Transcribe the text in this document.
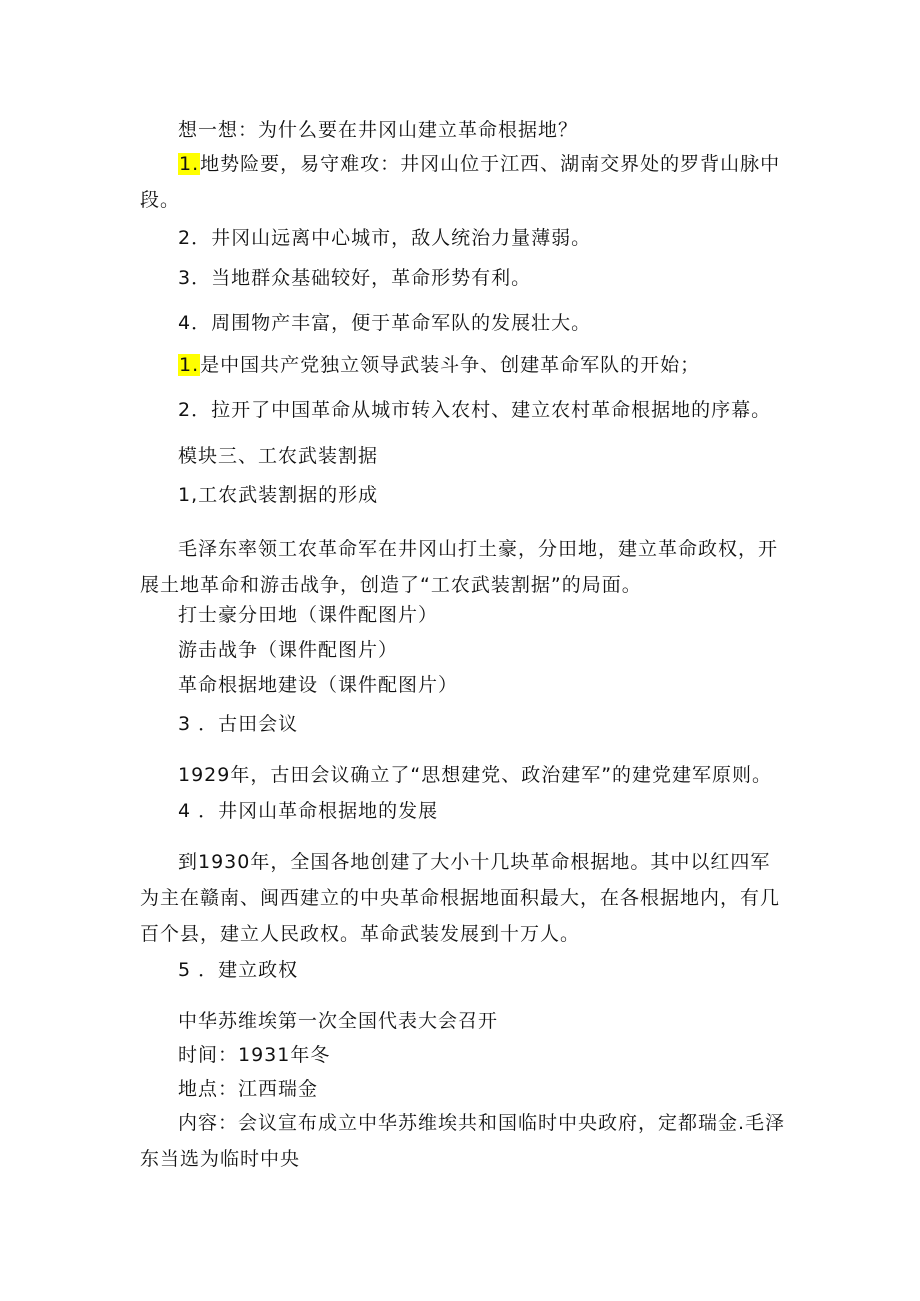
想一想：为什么要在井冈山建立革命根据地？
1.地势险要，易守难攻：井冈山位于江西、湖南交界处的罗背山脉中段。
2．井冈山远离中心城市，敌人统治力量薄弱。
3．当地群众基础较好，革命形势有利。
4．周围物产丰富，便于革命军队的发展壮大。
1.是中国共产党独立领导武装斗争、创建革命军队的开始；
2．拉开了中国革命从城市转入农村、建立农村革命根据地的序幕。
模块三、工农武装割据
1,工农武装割据的形成
毛泽东率领工农革命军在井冈山打土豪，分田地，建立革命政权，开展土地革命和游击战争，创造了“工农武装割据”的局面。
打士豪分田地（课件配图片）
游击战争（课件配图片）
革命根据地建设（课件配图片）
3 ．古田会议
1929年，古田会议确立了“思想建党、政治建军”的建党建军原则。
4 ．井冈山革命根据地的发展
到1930年，全国各地创建了大小十几块革命根据地。其中以红四军为主在赣南、闽西建立的中央革命根据地面积最大，在各根据地内，有几百个县，建立人民政权。革命武装发展到十万人。
5 ．建立政权
中华苏维埃第一次全国代表大会召开
时间：1931年冬
地点：江西瑞金
内容：会议宣布成立中华苏维埃共和国临时中央政府，定都瑞金.毛泽东当选为临时中央
